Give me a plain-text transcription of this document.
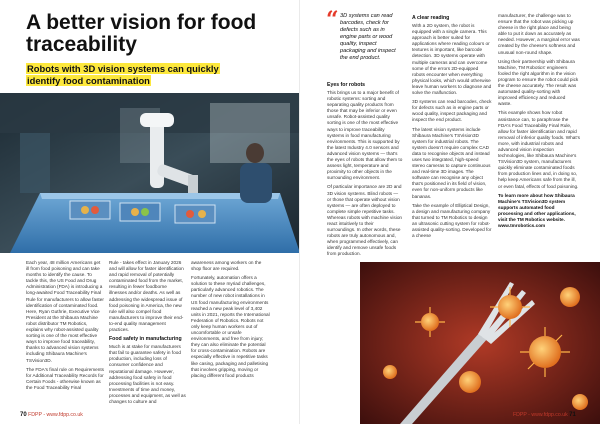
A better vision for food traceability
Robots with 3D vision systems can quickly identify food contamination

Each year, 48 million Americans get ill from food poisoning and can take months to identify the cause. To tackle this, the US Food and Drug Administration (FDA) is introducing a long-awaited Food Traceability Final Rule for manufacturers to allow faster identification of contaminated food. Here, Ryan Guthrie, Executive Vice President at the Shibaura Machine robot distributor TM Robotics, explains why robot-assisted quality sorting is one of the most effective ways to improve food traceability, thanks to advanced vision systems including Shibaura Machine's TSVision3D.

The FDA's final rule on Requirements for Additional Traceability Records for Certain Foods - otherwise known as the Food Traceability Final

Rule - takes effect in January 2026 and will allow for faster identification and rapid removal of potentially contaminated food from the market, resulting in fewer foodborne illnesses and/or deaths. As well as addressing the widespread issue of food poisoning in America, the new rule will also compel food manufacturers to improve their end-to-end quality management practices.

Food safety in manufacturing

Much is at stake for manufacturers that fail to guarantee safety in food production, including loss of consumer confidence and reputational damage. However, addressing food safety in food processing facilities is not easy. Investments of time and money, processes and equipment, as well as changes to culture and

awareness among workers on the shop floor are required.

Fortunately, automation offers a solution to these myriad challenges, particularly advanced robotics. The number of new robot installations in US food manufacturing environments reached a new peak level of 3,402 units in 2021, reports the International Federation of Robotics. Robots not only keep human workers out of uncomfortable or unsafe environments, and free from injury; they can also eliminate the potential for cross-contamination. Robots are especially effective in repetitive tasks like casing, packaging and palletising that involves gripping, moving or placing different food products

70 FDPP - www.fdpp.co.uk
“ 3D systems can read barcodes, check for defects such as in engine parts or wood quality, inspect packaging and inspect the end product.
Eyes for robots

This brings us to a major benefit of robotic systems: sorting and separating quality products from those that may be inferior or even unsafe. Robot-assisted quality sorting is one of the most effective ways to improve traceability systems in food manufacturing environments. This is supported by the latest Industry 4.0 sensors and advanced vision systems — that's the eyes of robots that allow them to assess light, temperature and proximity to other objects in the surrounding environment.

Of particular importance are 2D and 3D vision systems. Blind robots — or those that operate without vision systems — are often deployed to complete simple repetitive tasks. Whereas robots with machine vision react intuitively to their surroundings. In other words, these robots are truly autonomous and, when programmed effectively, can identify and remove unsafe foods from production.

A clear reading

With a 2D system, the robot is equipped with a single camera. This approach is better suited for applications where reading colours or textures is important, like barcode detection. 3D systems operate with multiple cameras and can overcome some of the errors 2D-equipped robots encounter when everything physical looks, which would otherwise leave human workers to diagnose and solve the malfunction.

3D systems can read barcodes, check for defects such as in engine parts or wood quality, inspect packaging and inspect the end product.

The latest vision systems include Shibaura Machine's TSVision3D system for industrial robots. The system doesn't require complex CAD data to recognise objects and instead uses two integrated, high-speed stereo cameras to capture continuous and real-time 3D images. The software can recognise any object that's positioned in its field of vision, even for non-uniform products like bananas.

Take the example of Elliptical Design, a design and manufacturing company that turned to TM Robotics to design an ultrasonic cutting system for robot-assisted quality-sorting. Developed for a cheese

manufacturer, the challenge was to ensure that the robot was picking up cheese in the right place and being able to put it down as accurately as needed. However, a marginal error was created by the cheese's softness and unusual non-round shape.

Using their partnership with Shibaura Machine, TM Robotics' engineers fooled the right algorithm in the vision program to ensure the robot could pick the cheese accurately. The result was automated quality-sorting with improved efficiency and reduced waste.

This example shows how robot assistance can, to paraphrase the FDA's Food Traceability Final Rule, allow for faster identification and rapid removal of inferior quality foods. What's more, with industrial robots and advanced vision inspection technologies, like Shibaura Machine's TSVision3D system, manufacturers quickly eliminate contaminated foods from production lines and, in doing so, help keep Americans safe from the ill, or even fatal, effects of food poisoning.

To learn more about how Shibaura Machine's TSVision3D system supports automated food processing and other applications, visit the TM Robotics website. www.tmrobotics.com

FDPP - www.fdpp.co.uk 71
